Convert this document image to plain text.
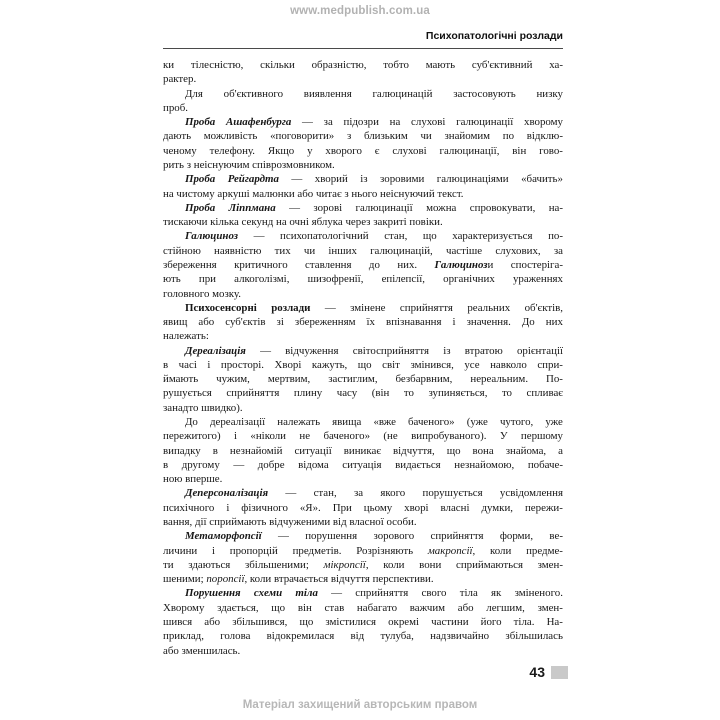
www.medpublish.com.ua
Психопатологічні розлади

ки тілесністю, скільки образністю, тобто мають суб'єктивний ха-
рактер.

Для об'єктивного виявлення галюцинацій застосовують низку
проб.

Проба Ашафенбурга — за підозри на слухові галюцинації хворому
дають можливість «поговорити» з близьким чи знайомим по відклю-
ченому телефону. Якщо у хворого є слухові галюцинації, він гово-
рить з неіснуючим співрозмовником.

Проба Рейгардта — хворий із зоровими галюцинаціями «бачить»
на чистому аркуші малюнки або читає з нього неіснуючий текст.

Проба Ліппмана — зорові галюцинації можна спровокувати, на-
тискаючи кілька секунд на очні яблука через закриті повіки.

Галюциноз — психопатологічний стан, що характеризується по-
стійною наявністю тих чи інших галюцинацій, частіше слухових, за
збереження критичного ставлення до них. Галюцинози спостеріга-
ють при алкоголізмі, шизофренії, епілепсії, органічних ураженнях
головного мозку.

Психосенсорні розлади — змінене сприйняття реальних об'єктів,
явищ або суб'єктів зі збереженням їх впізнавання і значення. До них
належать:

Дереалізація — відчуження світосприйняття із втратою орієнтації
в часі і просторі. Хворі кажуть, що світ змінився, усе навколо спри-
ймають чужим, мертвим, застиглим, безбарвним, нереальним. По-
рушується сприйняття плину часу (він то зупиняється, то спливає
занадто швидко).

До дереалізації належать явища «вже баченого» (уже чутого, уже
пережитого) і «ніколи не баченого» (не випробуваного). У першому
випадку в незнайомій ситуації виникає відчуття, що вона знайома, а
в другому — добре відома ситуація видається незнайомою, побаче-
ною вперше.

Деперсоналізація — стан, за якого порушується усвідомлення
психічного і фізичного «Я». При цьому хворі власні думки, пережи-
вання, дії сприймають відчуженими від власної особи.

Метаморфопсії — порушення зорового сприйняття форми, ве-
личини і пропорцій предметів. Розрізняють макропсії, коли предме-
ти здаються збільшеними; мікропсії, коли вони сприймаються змен-
шеними; поропсії, коли втрачається відчуття перспективи.

Порушення схеми тіла — сприйняття свого тіла як зміненого.
Хворому здається, що він став набагато важчим або легшим, змен-
шився або збільшився, що змістилися окремі частини його тіла. На-
приклад, голова відокремилася від тулуба, надзвичайно збільшилась
або зменшилась.

43
Матеріал захищений авторським правом
